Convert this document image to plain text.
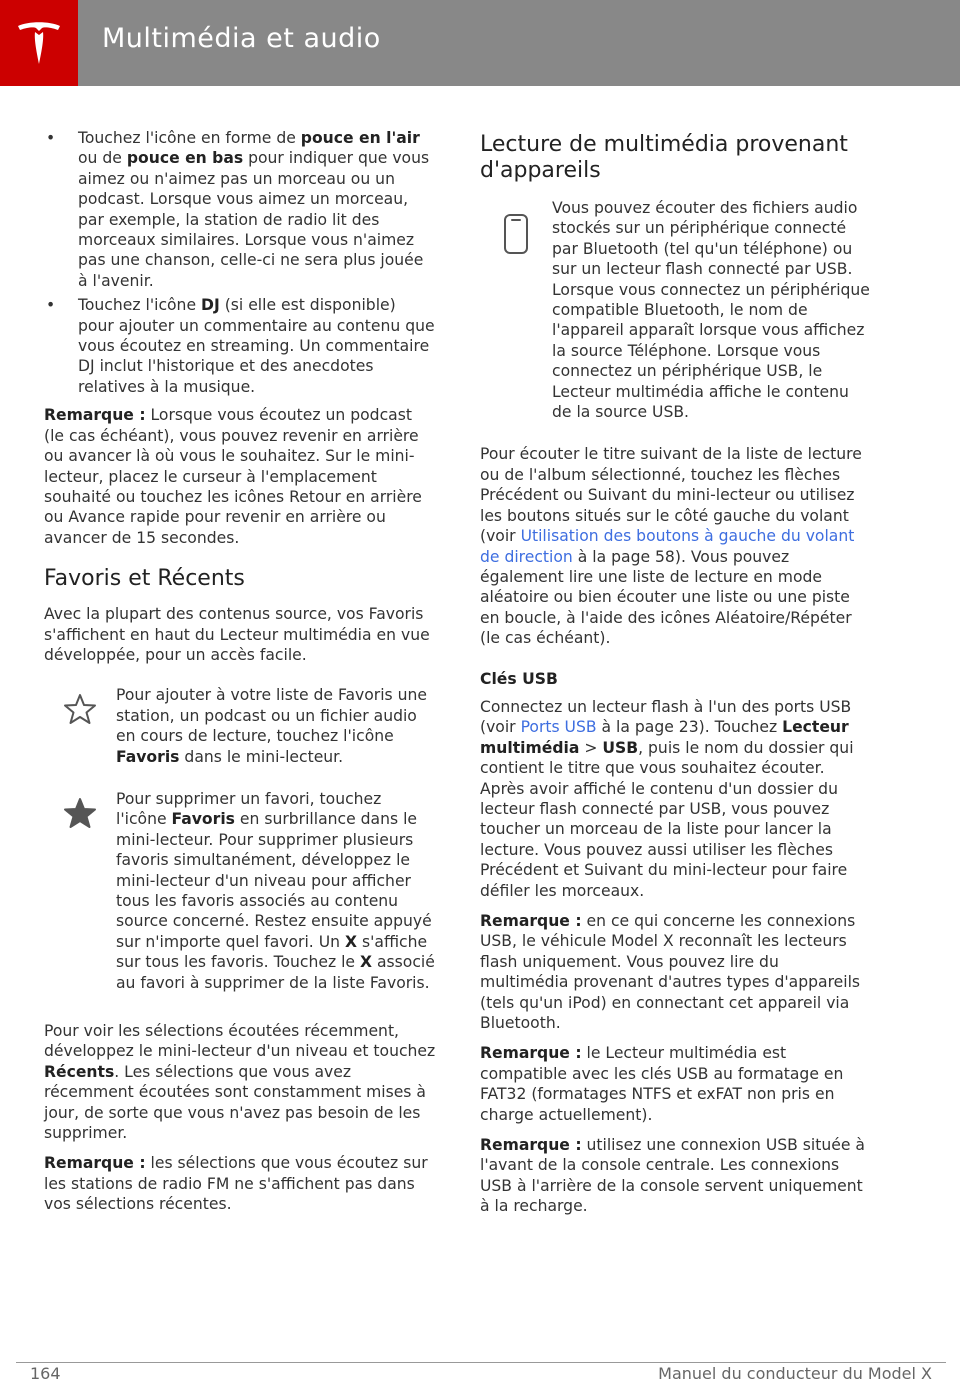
Multimédia et audio
• Touchez l'icône en forme de pouce en l'air ou de pouce en bas pour indiquer que vous aimez ou n'aimez pas un morceau ou un podcast. Lorsque vous aimez un morceau, par exemple, la station de radio lit des morceaux similaires. Lorsque vous n'aimez pas une chanson, celle-ci ne sera plus jouée à l'avenir.
• Touchez l'icône DJ (si elle est disponible) pour ajouter un commentaire au contenu que vous écoutez en streaming. Un commentaire DJ inclut l'historique et des anecdotes relatives à la musique.

Remarque : Lorsque vous écoutez un podcast (le cas échéant), vous pouvez revenir en arrière ou avancer là où vous le souhaitez. Sur le mini-lecteur, placez le curseur à l'emplacement souhaité ou touchez les icônes Retour en arrière ou Avance rapide pour revenir en arrière ou avancer de 15 secondes.

Favoris et Récents

Avec la plupart des contenus source, vos Favoris s'affichent en haut du Lecteur multimédia en vue développée, pour un accès facile.

Pour ajouter à votre liste de Favoris une station, un podcast ou un fichier audio en cours de lecture, touchez l'icône Favoris dans le mini-lecteur.
Pour supprimer un favori, touchez l'icône Favoris en surbrillance dans le mini-lecteur. Pour supprimer plusieurs favoris simultanément, développez le mini-lecteur d'un niveau pour afficher tous les favoris associés au contenu source concerné. Restez ensuite appuyé sur n'importe quel favori. Un X s'affiche sur tous les favoris. Touchez le X associé au favori à supprimer de la liste Favoris.

Pour voir les sélections écoutées récemment, développez le mini-lecteur d'un niveau et touchez Récents. Les sélections que vous avez récemment écoutées sont constamment mises à jour, de sorte que vous n'avez pas besoin de les supprimer.

Remarque : les sélections que vous écoutez sur les stations de radio FM ne s'affichent pas dans vos sélections récentes.

Lecture de multimédia provenant d'appareils
Vous pouvez écouter des fichiers audio stockés sur un périphérique connecté par Bluetooth (tel qu'un téléphone) ou sur un lecteur flash connecté par USB. Lorsque vous connectez un périphérique compatible Bluetooth, le nom de l'appareil apparaît lorsque vous affichez la source Téléphone. Lorsque vous connectez un périphérique USB, le Lecteur multimédia affiche le contenu de la source USB.

Pour écouter le titre suivant de la liste de lecture ou de l'album sélectionné, touchez les flèches Précédent ou Suivant du mini-lecteur ou utilisez les boutons situés sur le côté gauche du volant (voir Utilisation des boutons à gauche du volant de direction à la page 58). Vous pouvez également lire une liste de lecture en mode aléatoire ou bien écouter une liste ou une piste en boucle, à l'aide des icônes Aléatoire/Répéter (le cas échéant).

Clés USB

Connectez un lecteur flash à l'un des ports USB (voir Ports USB à la page 23). Touchez Lecteur multimédia > USB, puis le nom du dossier qui contient le titre que vous souhaitez écouter. Après avoir affiché le contenu d'un dossier du lecteur flash connecté par USB, vous pouvez toucher un morceau de la liste pour lancer la lecture. Vous pouvez aussi utiliser les flèches Précédent et Suivant du mini-lecteur pour faire défiler les morceaux.

Remarque : en ce qui concerne les connexions USB, le véhicule Model X reconnaît les lecteurs flash uniquement. Vous pouvez lire du multimédia provenant d'autres types d'appareils (tels qu'un iPod) en connectant cet appareil via Bluetooth.

Remarque : le Lecteur multimédia est compatible avec les clés USB au formatage en FAT32 (formatages NTFS et exFAT non pris en charge actuellement).

Remarque : utilisez une connexion USB située à l'avant de la console centrale. Les connexions USB à l'arrière de la console servent uniquement à la recharge.

164	Manuel du conducteur du Model X
